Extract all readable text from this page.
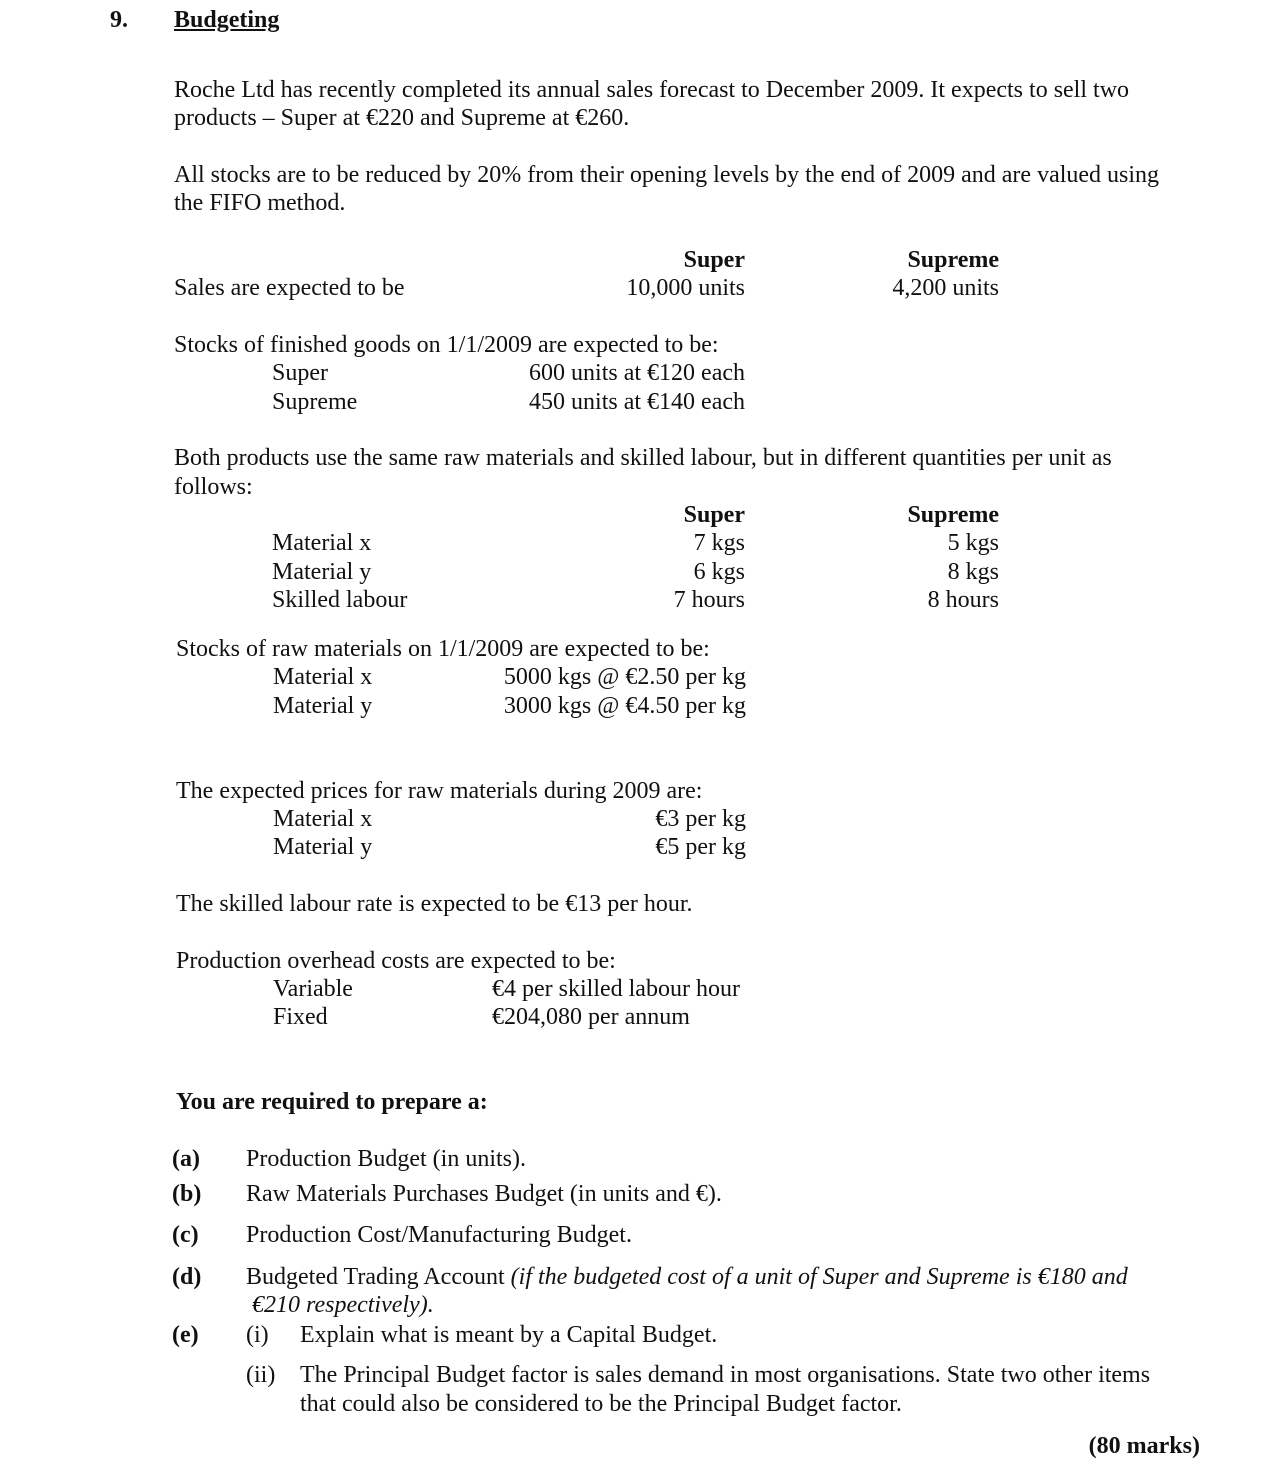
9. Budgeting
Roche Ltd has recently completed its annual sales forecast to December 2009. It expects to sell two
products – Super at €220 and Supreme at €260.
All stocks are to be reduced by 20% from their opening levels by the end of 2009 and are valued using
the FIFO method.
Super	Supreme
Sales are expected to be	10,000 units	4,200 units
Stocks of finished goods on 1/1/2009 are expected to be:
Super	600 units at €120 each
Supreme	450 units at €140 each
Both products use the same raw materials and skilled labour, but in different quantities per unit as
follows:
Super	Supreme
Material x	7 kgs	5 kgs
Material y	6 kgs	8 kgs
Skilled labour	7 hours	8 hours
Stocks of raw materials on 1/1/2009 are expected to be:
Material x	5000 kgs @ €2.50 per kg
Material y	3000 kgs @ €4.50 per kg
The expected prices for raw materials during 2009 are:
Material x	€3 per kg
Material y	€5 per kg
The skilled labour rate is expected to be €13 per hour.
Production overhead costs are expected to be:
Variable	€4 per skilled labour hour
Fixed	€204,080 per annum
You are required to prepare a:
(a) Production Budget (in units).
(b) Raw Materials Purchases Budget (in units and €).
(c) Production Cost/Manufacturing Budget.
(d) Budgeted Trading Account (if the budgeted cost of a unit of Super and Supreme is €180 and
€210 respectively).
(e) (i) Explain what is meant by a Capital Budget.
(ii) The Principal Budget factor is sales demand in most organisations. State two other items
that could also be considered to be the Principal Budget factor.
(80 marks)
